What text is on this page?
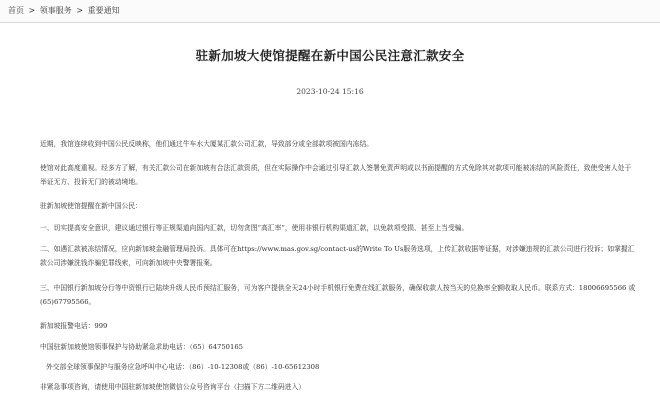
首页 > 领事服务 > 重要通知
驻新加坡大使馆提醒在新中国公民注意汇款安全
2023-10-24 15:16

近期，我馆连续收到中国公民反映称，他们通过牛车水大厦某汇款公司汇款，导致部分或全部款项被国内冻结。

使馆对此高度重视。经多方了解，有关汇款公司在新加坡有合法汇款资质，但在实际操作中会通过引导汇款人签署免责声明或以书面提醒的方式免除其对款项可能被冻结的风险责任，致使受害人处于举证无方、投诉无门的被动境地。

驻新加坡使馆提醒在新中国公民：

一、切实提高安全意识，建议通过银行等正规渠道向国内汇款，切勿贪图“高汇率”，使用非银行机构渠道汇款，以免款项受损、甚至上当受骗。

二、如遇汇款被冻结情况，应向新加坡金融管理局投诉。具体可在https://www.mas.gov.sg/contact-us的Write To Us服务选项，上传汇款收据等证据，对涉嫌违规的汇款公司进行投诉；如掌握汇款公司涉嫌洗钱诈骗犯罪线索，可向新加坡中央警署报案。

三、中国银行新加坡分行等中资银行已陆续升级人民币预结汇服务，可为客户提供全天24小时手机银行免费在线汇款服务，确保收款人按当天的兑换率全额收取人民币。联系方式：18006695566 或 (65)67795566。

新加坡报警电话：999

中国驻新加坡使馆领事保护与协助紧急求助电话：（65）64750165

外交部全球领事保护与服务应急呼叫中心电话：（86）-10-12308或（86）-10-65612308

非紧急事项咨询，请使用中国驻新加坡使馆微信公众号咨询平台（扫描下方二维码进入）
